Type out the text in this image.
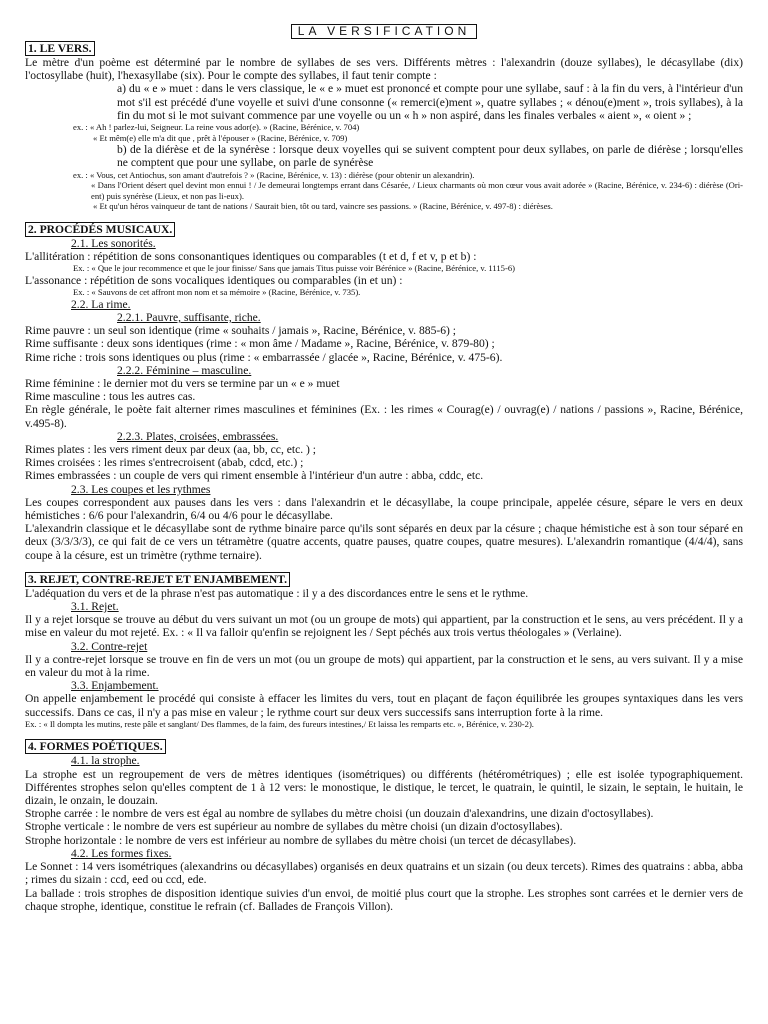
LA VERSIFICATION
1. LE VERS.

Le mètre d'un poème est déterminé par le nombre de syllabes de ses vers. Différents mètres : l'alexandrin (douze syllabes), le décasyllabe (dix) l'octosyllabe (huit), l'hexasyllabe (six). Pour le compte des syllabes, il faut tenir compte :

a) du « e » muet : dans le vers classique, le « e » muet est prononcé et compte pour une syllabe, sauf : à la fin du vers, à l'intérieur d'un mot s'il est précédé d'une voyelle et suivi d'une consonne (« remerci(e)ment », quatre syllabes ; « dénou(e)ment », trois syllabes), à la fin du mot si le mot suivant commence par une voyelle ou un « h » non aspiré, dans les finales verbales « aient », « oient » ;

ex. : « Ah ! parlez-lui, Seigneur. La reine vous ador(e). » (Racine, Bérénice, v. 704)

« Et mêm(e) elle m'a dit que , prêt à l'épouser » (Racine, Bérénice, v. 709)

b) de la diérèse et de la synérèse : lorsque deux voyelles qui se suivent comptent pour deux syllabes, on parle de diérèse ; lorsqu'elles ne comptent que pour une syllabe, on parle de synérèse

ex. : « Vous, cet Antiochus, son amant d'autrefois ? » (Racine, Bérénice, v. 13) : diérèse (pour obtenir un alexandrin).

« Dans l'Orient désert quel devint mon ennui ! / Je demeurai longtemps errant dans Césarée, / Lieux charmants où mon cœur vous avait adorée » (Racine, Bérénice, v. 234-6) : diérèse (Ori-ent) puis synérèse (Lieux, et non pas li-eux).

« Et qu'un héros vainqueur de tant de nations / Saurait bien, tôt ou tard, vaincre ses passions. » (Racine, Bérénice, v. 497-8) : diérèses.

2. PROCÉDÉS MUSICAUX.

2.1. Les sonorités.

L'allitération : répétition de sons consonantiques identiques ou comparables (t et d, f et v, p et b) :

Ex. : « Que le jour recommence et que le jour finisse/ Sans que jamais Titus puisse voir Bérénice » (Racine, Bérénice, v. 1115-6)

L'assonance : répétition de sons vocaliques identiques ou comparables (in et un) :

Ex. : « Sauvons de cet affront mon nom et sa mémoire » (Racine, Bérénice, v. 735).

2.2. La rime.

2.2.1. Pauvre, suffisante, riche.

Rime pauvre : un seul son identique (rime « souhaits / jamais », Racine, Bérénice, v. 885-6) ;

Rime suffisante : deux sons identiques (rime : « mon âme / Madame », Racine, Bérénice, v. 879-80) ;

Rime riche : trois sons identiques ou plus (rime : « embarrassée / glacée », Racine, Bérénice, v. 475-6).

2.2.2. Féminine – masculine.

Rime féminine : le dernier mot du vers se termine par un « e » muet

Rime masculine : tous les autres cas.

En règle générale, le poète fait alterner rimes masculines et féminines (Ex. : les rimes « Courag(e) / ouvrag(e) / nations / passions », Racine, Bérénice, v.495-8).

2.2.3. Plates, croisées, embrassées.

Rimes plates : les vers riment deux par deux (aa, bb, cc, etc. ) ;

Rimes croisées : les rimes s'entrecroisent (abab, cdcd, etc.) ;

Rimes embrassées : un couple de vers qui riment ensemble à l'intérieur d'un autre : abba, cddc, etc.

2.3. Les coupes et les rythmes

Les coupes correspondent aux pauses dans les vers : dans l'alexandrin et le décasyllabe, la coupe principale, appelée césure, sépare le vers en deux hémistiches : 6/6 pour l'alexandrin, 6/4 ou 4/6 pour le décasyllabe.

L'alexandrin classique et le décasyllabe sont de rythme binaire parce qu'ils sont séparés en deux par la césure ; chaque hémistiche est à son tour séparé en deux (3/3/3/3), ce qui fait de ce vers un tétramètre (quatre accents, quatre pauses, quatre coupes, quatre mesures). L'alexandrin romantique (4/4/4), sans coupe à la césure, est un trimètre (rythme ternaire).

3. REJET, CONTRE-REJET ET ENJAMBEMENT.

L'adéquation du vers et de la phrase n'est pas automatique : il y a des discordances entre le sens et le rythme.

3.1. Rejet.

Il y a rejet lorsque se trouve au début du vers suivant un mot (ou un groupe de mots) qui appartient, par la construction et le sens, au vers précédent. Il y a mise en valeur du mot rejeté. Ex. : « Il va falloir qu'enfin se rejoignent les / Sept péchés aux trois vertus théologales » (Verlaine).

3.2. Contre-rejet

Il y a contre-rejet lorsque se trouve en fin de vers un mot (ou un groupe de mots) qui appartient, par la construction et le sens, au vers suivant. Il y a mise en valeur du mot à la rime.

3.3. Enjambement.

On appelle enjambement le procédé qui consiste à effacer les limites du vers, tout en plaçant de façon équilibrée les groupes syntaxiques dans les vers successifs. Dans ce cas, il n'y a pas mise en valeur ; le rythme court sur deux vers successifs sans interruption forte à la rime.

Ex. : « Il dompta les mutins, reste pâle et sanglant/ Des flammes, de la faim, des fureurs intestines,/ Et laissa les remparts etc. », Bérénice, v. 230-2).

4. FORMES POÉTIQUES.

4.1. la strophe.

La strophe est un regroupement de vers de mètres identiques (isométriques) ou différents (hétérométriques) ; elle est isolée typographiquement. Différentes strophes selon qu'elles comptent de 1 à 12 vers: le monostique, le distique, le tercet, le quatrain, le quintil, le sizain, le septain, le huitain, le dizain, le onzain, le douzain.

Strophe carrée : le nombre de vers est égal au nombre de syllabes du mètre choisi (un douzain d'alexandrins, une dizain d'octosyllabes).

Strophe verticale : le nombre de vers est supérieur au nombre de syllabes du mètre choisi (un dizain d'octosyllabes).

Strophe horizontale : le nombre de vers est inférieur au nombre de syllabes du mètre choisi (un tercet de décasyllabes).

4.2. Les formes fixes.

Le Sonnet : 14 vers isométriques (alexandrins ou décasyllabes) organisés en deux quatrains et un sizain (ou deux tercets). Rimes des quatrains : abba, abba ; rimes du sizain : ccd, eed ou ccd, ede.

La ballade : trois strophes de disposition identique suivies d'un envoi, de moitié plus court que la strophe. Les strophes sont carrées et le dernier vers de chaque strophe, identique, constitue le refrain (cf. Ballades de François Villon).
